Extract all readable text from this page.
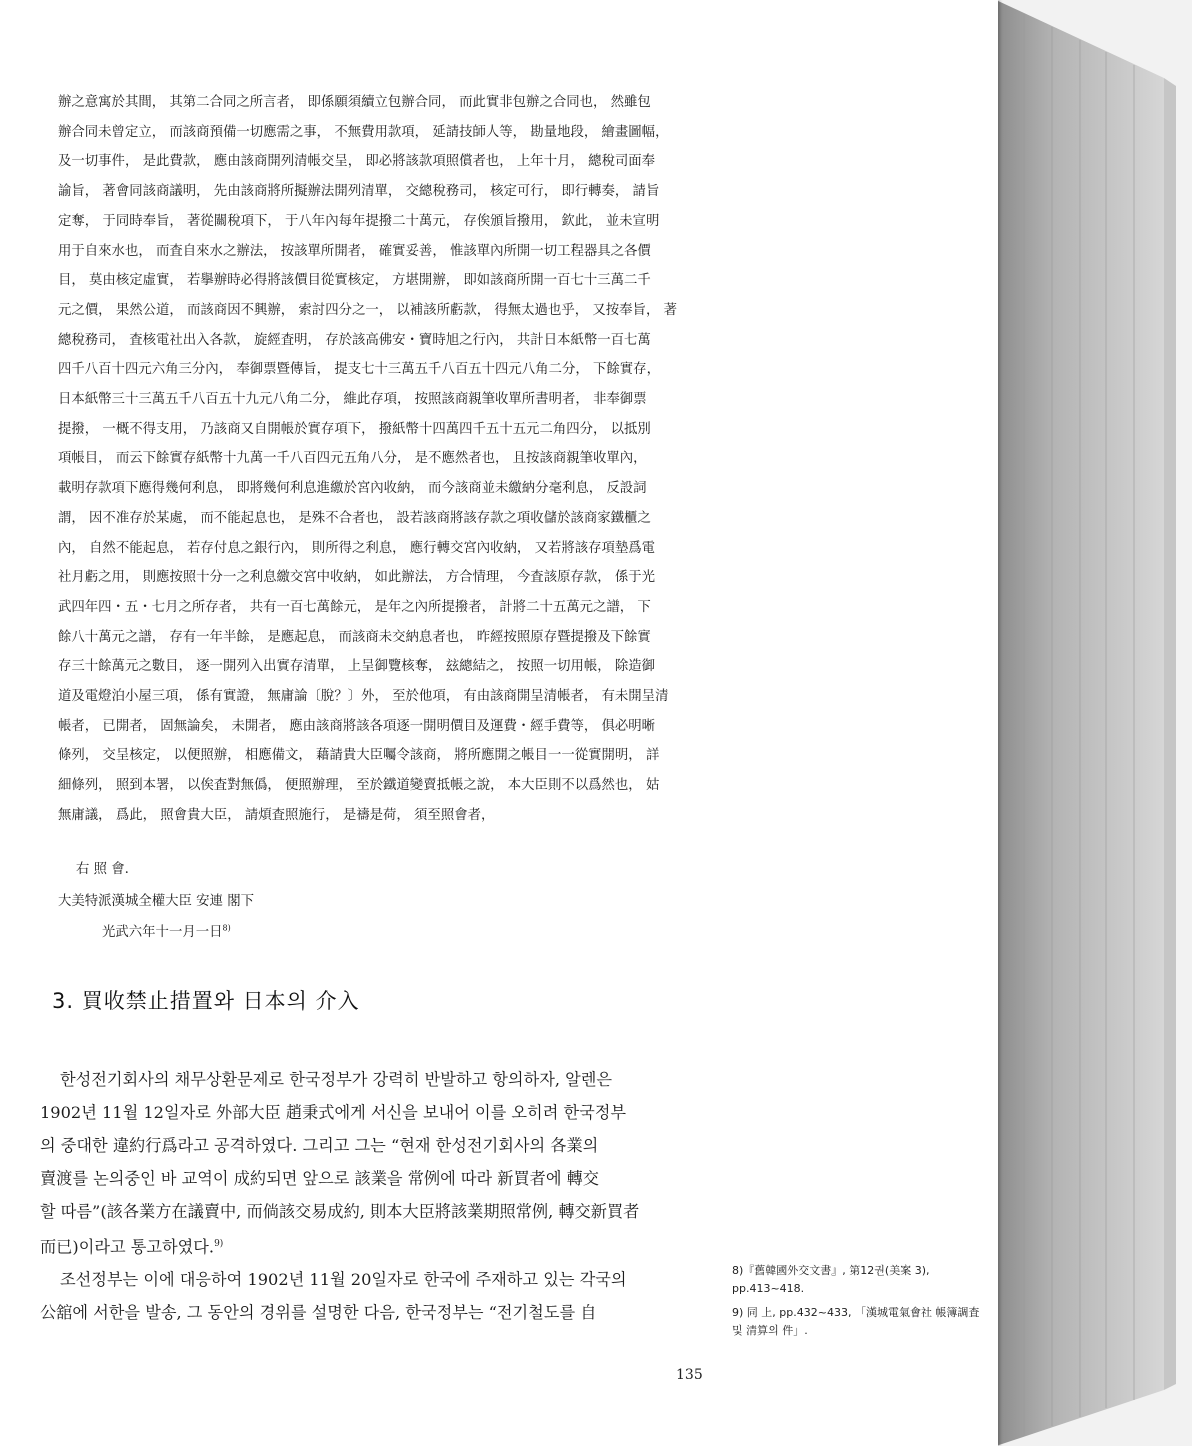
辦之意寓於其間， 其第二合同之所言者， 即係願須續立包辦合同， 而此實非包辦之合同也， 然雖包
辦合同未曾定立， 而該商預備一切應需之事， 不無費用款項， 延請技師人等， 勘量地段， 繪畫圖幅，
及一切事件， 是此費款， 應由該商開列清帳交呈， 即必將該款項照償者也， 上年十月， 總稅司面奉
諭旨， 著會同該商議明， 先由該商將所擬辦法開列清單， 交總稅務司， 核定可行， 即行轉奏， 請旨
定奪， 于同時奉旨， 著從關稅項下， 于八年內每年提撥二十萬元， 存俟頒旨撥用， 欽此， 並未宣明
用于自來水也， 而査自來水之辦法， 按該單所開者， 確實妥善， 惟該單內所開一切工程器具之各價
目， 莫由核定虛實， 若擧辦時必得將該價目從實核定， 方堪開辦， 即如該商所開一百七十三萬二千
元之價， 果然公道， 而該商因不興辦， 索討四分之一， 以補該所虧款， 得無太過也乎， 又按奉旨， 著
總稅務司， 査核電社出入各款， 旋經査明， 存於該高佛安・寶時旭之行內， 共計日本紙幣一百七萬
四千八百十四元六角三分內， 奉御票暨傳旨， 提支七十三萬五千八百五十四元八角二分， 下餘實存，
日本紙幣三十三萬五千八百五十九元八角二分， 維此存項， 按照該商親筆收單所書明者， 非奉御票
提撥， 一概不得支用， 乃該商又自開帳於實存項下， 撥紙幣十四萬四千五十五元二角四分， 以抵別
項帳目， 而云下餘實存紙幣十九萬一千八百四元五角八分， 是不應然者也， 且按該商親筆收單內，
載明存款項下應得幾何利息， 即將幾何利息進繳於宮內收納， 而今該商並未繳納分毫利息， 反設詞
謂， 因不准存於某處， 而不能起息也， 是殊不合者也， 設若該商將該存款之項收儲於該商家鐵櫃之
內， 自然不能起息， 若存付息之銀行內， 則所得之利息， 應行轉交宮內收納， 又若將該存項墊爲電
社月虧之用， 則應按照十分一之利息繳交宮中收納， 如此辦法， 方合情理， 今査該原存款， 係于光
武四年四・五・七月之所存者， 共有一百七萬餘元， 是年之內所提撥者， 計將二十五萬元之譜， 下
餘八十萬元之譜， 存有一年半餘， 是應起息， 而該商未交納息者也， 昨經按照原存暨提撥及下餘實
存三十餘萬元之數目， 逐一開列入出實存清單， 上呈御覽核奪， 玆總結之， 按照一切用帳， 除造御
道及電燈泊小屋三項， 係有實證， 無庸論〔脫？〕外， 至於他項， 有由該商開呈清帳者， 有未開呈清
帳者， 已開者， 固無論矣， 未開者， 應由該商將該各項逐一開明價目及運費・經手費等， 俱必明晰
條列， 交呈核定， 以便照辦， 相應備文， 藉請貴大臣囑令該商， 將所應開之帳目一一從實開明， 詳
細條列， 照到本署， 以俟査對無僞， 便照辦理， 至於鐵道變賣抵帳之說， 本大臣則不以爲然也， 姑
無庸議， 爲此， 照會貴大臣， 請煩査照施行， 是禱是荷， 須至照會者，
右 照 會.
大美特派漢城全權大臣 安連 閣下
光武六年十一月一日$^{8)}$
3. 買收禁止措置와 日本의 介入
한성전기회사의 채무상환문제로 한국정부가 강력히 반발하고 항의하자, 알렌은
1902년 11월 12일자로 外部大臣 趙秉式에게 서신을 보내어 이를 오히려 한국정부
의 중대한 違約行爲라고 공격하였다. 그리고 그는 “현재 한성전기회사의 各業의
賣渡를 논의중인 바 교역이 成約되면 앞으로 該業을 常例에 따라 新買者에 轉交
할 따름”(該各業方在議賣中, 而倘該交易成約, 則本大臣將該業期照常例, 轉交新買者
而已)이라고 통고하였다.$^{9)}$
조선정부는 이에 대응하여 1902년 11월 20일자로 한국에 주재하고 있는 각국의
公舘에 서한을 발송, 그 동안의 경위를 설명한 다음, 한국정부는 “전기철도를 自
8)『舊韓國外交文書』, 第12권(美案 3), pp.413~418.
9) 同 上, pp.432~433, 「漢城電氣會社 帳簿調査 및 清算의 件」.
135
